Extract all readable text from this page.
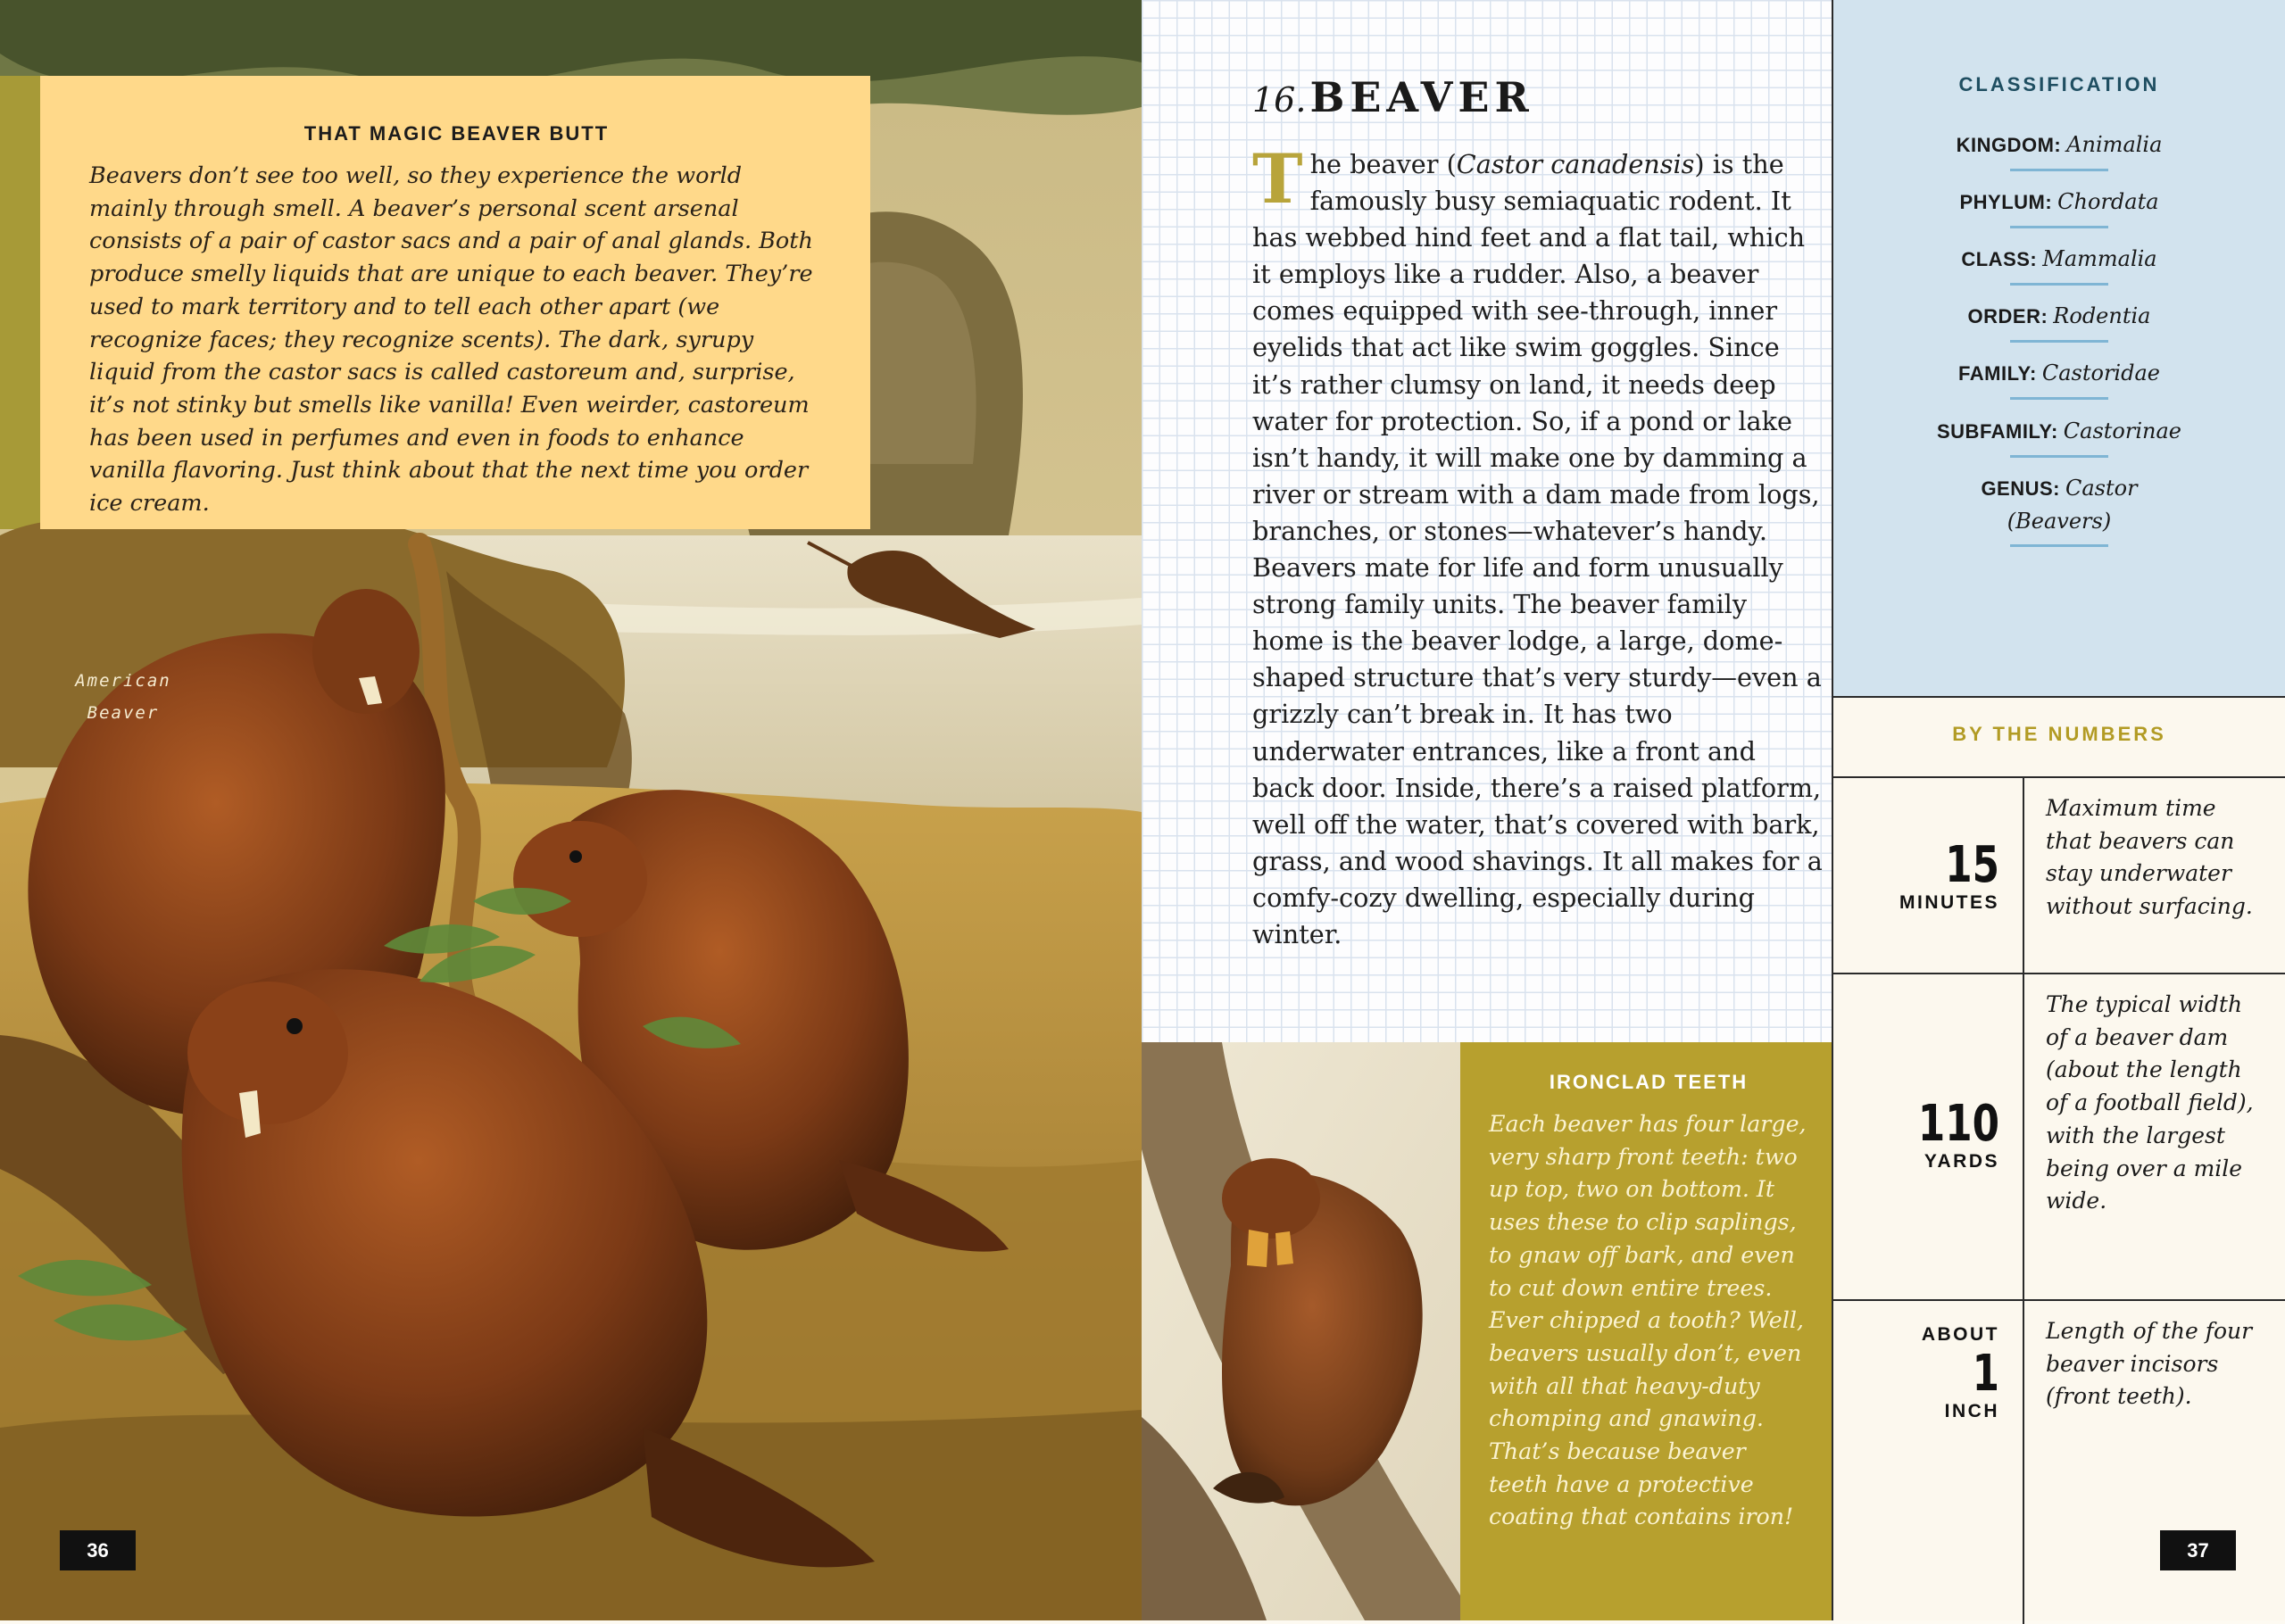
THAT MAGIC BEAVER BUTT

Beavers don’t see too well, so they experience the world mainly through smell. A beaver’s personal scent arsenal consists of a pair of castor sacs and a pair of anal glands. Both produce smelly liquids that are unique to each beaver. They’re used to mark territory and to tell each other apart (we recognize faces; they recognize scents). The dark, syrupy liquid from the castor sacs is called castoreum and, surprise, it’s not stinky but smells like vanilla! Even weirder, castoreum has been used in perfumes and even in foods to enhance vanilla flavoring. Just think about that the next time you order ice cream.

American
Beaver
36
16. BEAVER

The beaver (Castor canadensis) is the famously busy semiaquatic rodent. It has webbed hind feet and a flat tail, which it employs like a rudder. Also, a beaver comes equipped with see-through, inner eyelids that act like swim goggles. Since it’s rather clumsy on land, it needs deep water for protection. So, if a pond or lake isn’t handy, it will make one by damming a river or stream with a dam made from logs, branches, or stones—whatever’s handy. Beavers mate for life and form unusually strong family units. The beaver family home is the beaver lodge, a large, dome-shaped structure that’s very sturdy—even a grizzly can’t break in. It has two underwater entrances, like a front and back door. Inside, there’s a raised platform, well off the water, that’s covered with bark, grass, and wood shavings. It all makes for a comfy-cozy dwelling, especially during winter.

IRONCLAD TEETH

Each beaver has four large, very sharp front teeth: two up top, two on bottom. It uses these to clip saplings, to gnaw off bark, and even to cut down entire trees. Ever chipped a tooth? Well, beavers usually don’t, even with all that heavy-duty chomping and gnawing. That’s because beaver teeth have a protective coating that contains iron!

CLASSIFICATION
KINGDOM: Animalia
PHYLUM: Chordata
CLASS: Mammalia
ORDER: Rodentia
FAMILY: Castoridae
SUBFAMILY: Castorinae
GENUS: Castor
(Beavers)
BY THE NUMBERS
15
MINUTES

Maximum time that beavers can stay underwater without surfacing.

110
YARDS

The typical width of a beaver dam (about the length of a football field), with the largest being over a mile wide.

ABOUT
1
INCH

Length of the four beaver incisors (front teeth).

37
